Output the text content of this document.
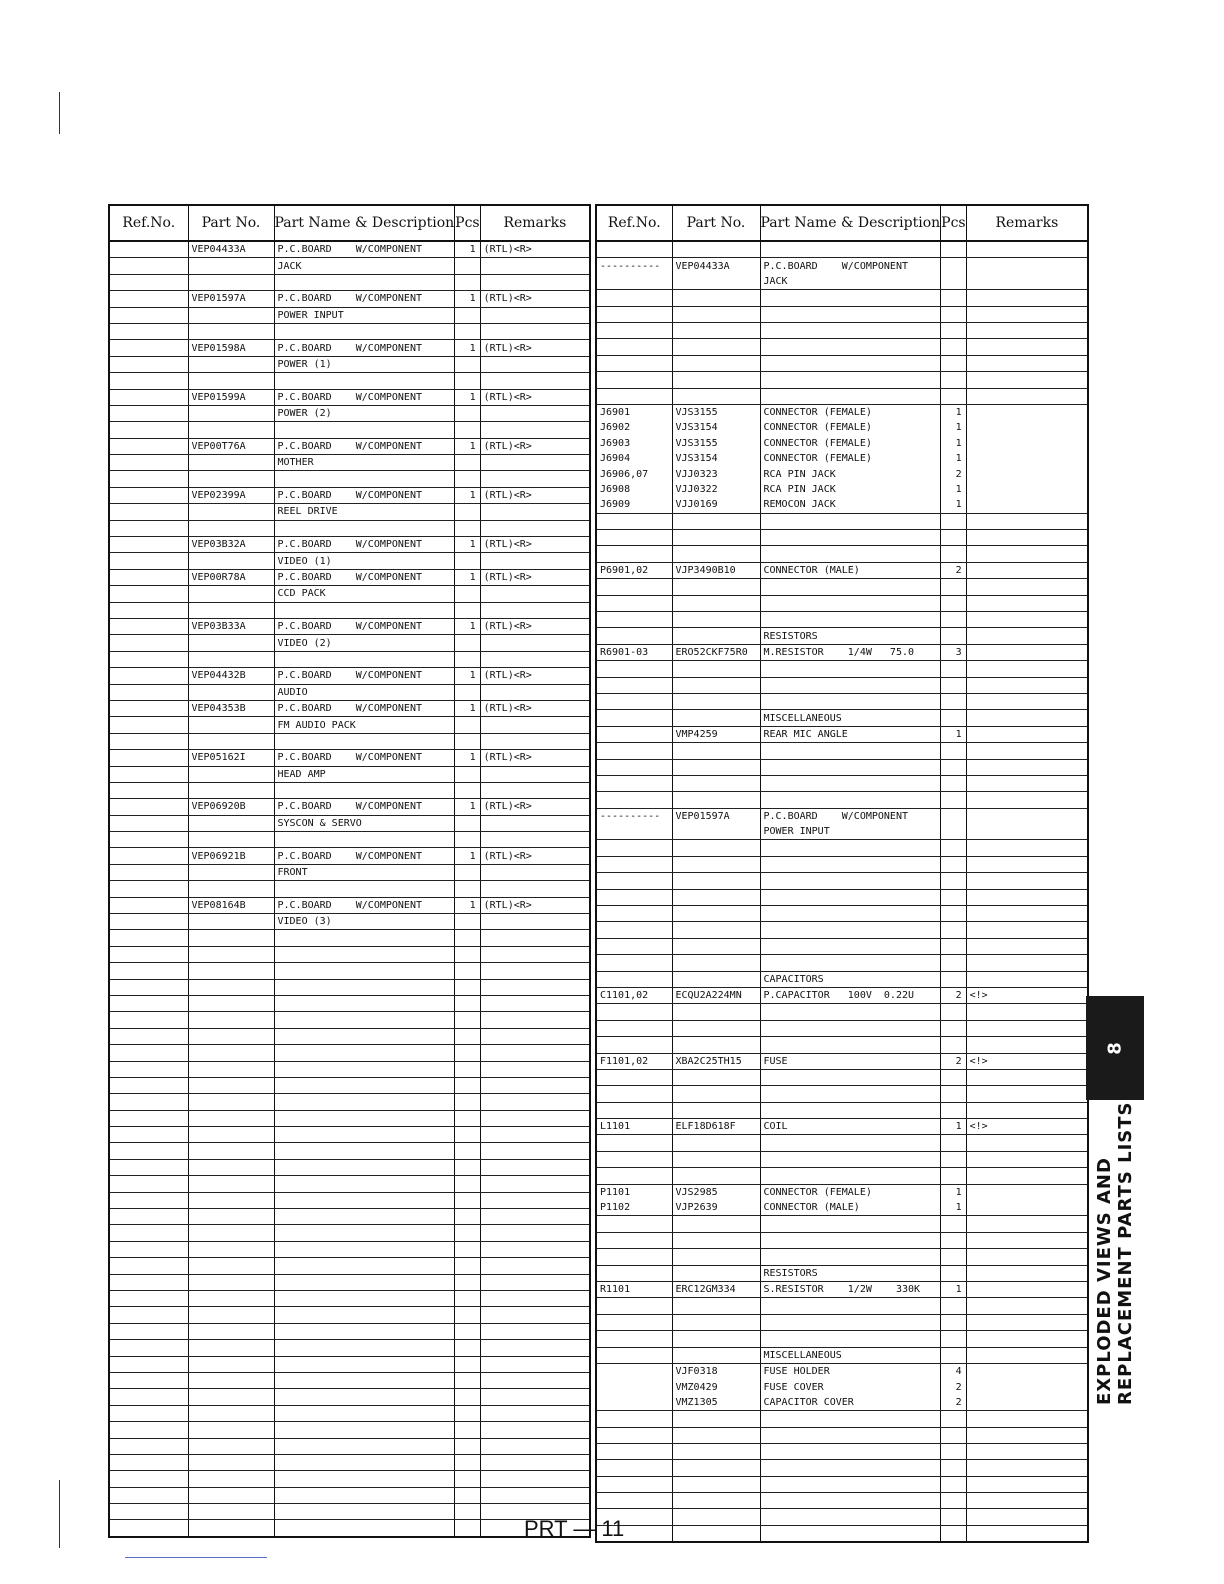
Ref.No.	Part No.	Part Name & Description	Pcs	Remarks
	VEP04433A	P.C.BOARD    W/COMPONENT	1	(RTL)<R>
		JACK		

	VEP01597A	P.C.BOARD    W/COMPONENT	1	(RTL)<R>
		POWER INPUT		

	VEP01598A	P.C.BOARD    W/COMPONENT	1	(RTL)<R>
		POWER (1)		

	VEP01599A	P.C.BOARD    W/COMPONENT	1	(RTL)<R>
		POWER (2)		

	VEP00T76A	P.C.BOARD    W/COMPONENT	1	(RTL)<R>
		MOTHER		

	VEP02399A	P.C.BOARD    W/COMPONENT	1	(RTL)<R>
		REEL DRIVE		

	VEP03B32A	P.C.BOARD    W/COMPONENT	1	(RTL)<R>
		VIDEO (1)		
	VEP00R78A	P.C.BOARD    W/COMPONENT	1	(RTL)<R>
		CCD PACK		

	VEP03B33A	P.C.BOARD    W/COMPONENT	1	(RTL)<R>
		VIDEO (2)		

	VEP04432B	P.C.BOARD    W/COMPONENT	1	(RTL)<R>
		AUDIO		
	VEP04353B	P.C.BOARD    W/COMPONENT	1	(RTL)<R>
		FM AUDIO PACK		

	VEP05162I	P.C.BOARD    W/COMPONENT	1	(RTL)<R>
		HEAD AMP		

	VEP06920B	P.C.BOARD    W/COMPONENT	1	(RTL)<R>
		SYSCON & SERVO		

	VEP06921B	P.C.BOARD    W/COMPONENT	1	(RTL)<R>
		FRONT		

	VEP08164B	P.C.BOARD    W/COMPONENT	1	(RTL)<R>
		VIDEO (3)		

Ref.No.	Part No.	Part Name & Description	Pcs	Remarks

----------	VEP04433A	P.C.BOARD    W/COMPONENT		
		JACK		

J6901	VJS3155	CONNECTOR (FEMALE)	1	
J6902	VJS3154	CONNECTOR (FEMALE)	1	
J6903	VJS3155	CONNECTOR (FEMALE)	1	
J6904	VJS3154	CONNECTOR (FEMALE)	1	
J6906,07	VJJ0323	RCA PIN JACK	2	
J6908	VJJ0322	RCA PIN JACK	1	
J6909	VJJ0169	REMOCON JACK	1	

P6901,02	VJP3490B10	CONNECTOR (MALE)	2	

		RESISTORS		
R6901-03	ERO52CKF75R0	M.RESISTOR    1/4W   75.0	3	

		MISCELLANEOUS		
	VMP4259	REAR MIC ANGLE	1	

----------	VEP01597A	P.C.BOARD    W/COMPONENT		
		POWER INPUT		

		CAPACITORS		
C1101,02	ECQU2A224MN	P.CAPACITOR   100V  0.22U	2	<!>

F1101,02	XBA2C25TH15	FUSE	2	<!>

L1101	ELF18D618F	COIL	1	<!>

P1101	VJS2985	CONNECTOR (FEMALE)	1	
P1102	VJP2639	CONNECTOR (MALE)	1	

		RESISTORS		
R1101	ERC12GM334	S.RESISTOR    1/2W    330K	1	

		MISCELLANEOUS		
	VJF0318	FUSE HOLDER	4	
	VMZ0429	FUSE COVER	2	
	VMZ1305	CAPACITOR COVER	2	

8
EXPLODED VIEWS AND REPLACEMENT PARTS LISTS
PRT — 11
